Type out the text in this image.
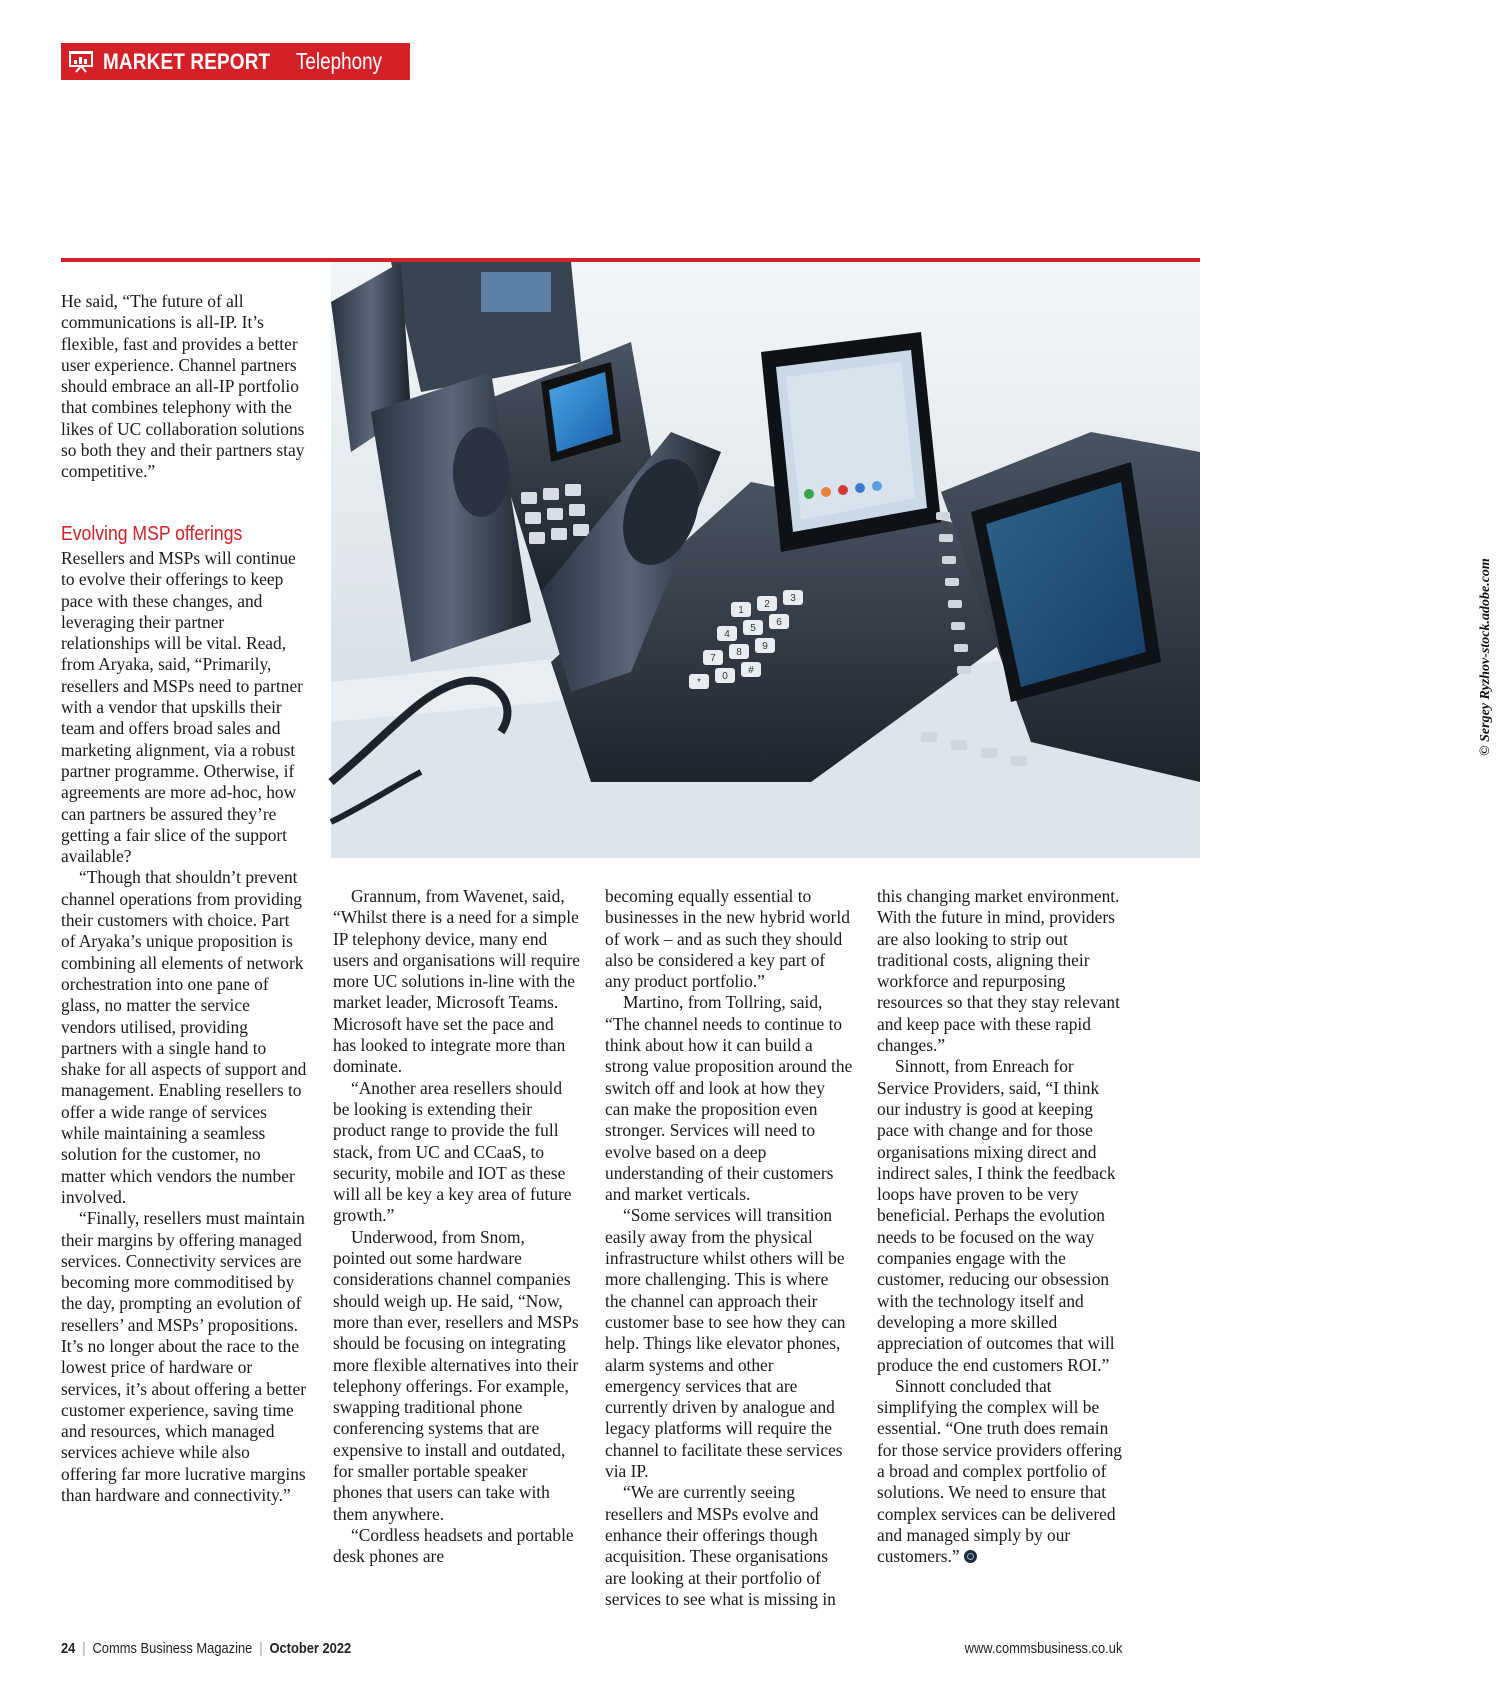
MARKET REPORT Telephony
1
2
3
4
5
6
7
8
9
*
0
#	© Sergey Ryzhov-stock.adobe.com

He said, “The future of all communications is all-IP. It’s flexible, fast and provides a better user experience. Channel partners should embrace an all-IP portfolio that combines telephony with the likes of UC collaboration solutions so both they and their partners stay competitive.”

Evolving MSP offerings

Resellers and MSPs will continue to evolve their offerings to keep pace with these changes, and leveraging their partner relationships will be vital. Read, from Aryaka, said, “Primarily, resellers and MSPs need to partner with a vendor that upskills their team and offers broad sales and marketing alignment, via a robust partner programme. Otherwise, if agreements are more ad-hoc, how can partners be assured they’re getting a fair slice of the support available?

“Though that shouldn’t prevent channel operations from providing their customers with choice. Part of Aryaka’s unique proposition is combining all elements of network orchestration into one pane of glass, no matter the service vendors utilised, providing partners with a single hand to shake for all aspects of support and management. Enabling resellers to offer a wide range of services while maintaining a seamless solution for the customer, no matter which vendors the number involved.

“Finally, resellers must maintain their margins by offering managed services. Connectivity services are becoming more commoditised by the day, prompting an evolution of resellers’ and MSPs’ propositions. It’s no longer about the race to the lowest price of hardware or services, it’s about offering a better customer experience, saving time and resources, which managed services achieve while also offering far more lucrative margins than hardware and connectivity.”

Grannum, from Wavenet, said, “Whilst there is a need for a simple IP telephony device, many end users and organisations will require more UC solutions in-line with the market leader, Microsoft Teams. Microsoft have set the pace and has looked to integrate more than dominate.

“Another area resellers should be looking is extending their product range to provide the full stack, from UC and CCaaS, to security, mobile and IOT as these will all be key a key area of future growth.”

Underwood, from Snom, pointed out some hardware considerations channel companies should weigh up. He said, “Now, more than ever, resellers and MSPs should be focusing on integrating more flexible alternatives into their telephony offerings. For example, swapping traditional phone conferencing systems that are expensive to install and outdated, for smaller portable speaker phones that users can take with them anywhere.

“Cordless headsets and portable desk phones are

becoming equally essential to businesses in the new hybrid world of work – and as such they should also be considered a key part of any product portfolio.”

Martino, from Tollring, said, “The channel needs to continue to think about how it can build a strong value proposition around the switch off and look at how they can make the proposition even stronger. Services will need to evolve based on a deep understanding of their customers and market verticals.

“Some services will transition easily away from the physical infrastructure whilst others will be more challenging. This is where the channel can approach their customer base to see how they can help. Things like elevator phones, alarm systems and other emergency services that are currently driven by analogue and legacy platforms will require the channel to facilitate these services via IP.

“We are currently seeing resellers and MSPs evolve and enhance their offerings though acquisition. These organisations are looking at their portfolio of services to see what is missing in

this changing market environment. With the future in mind, providers are also looking to strip out traditional costs, aligning their workforce and repurposing resources so that they stay relevant and keep pace with these rapid changes.”

Sinnott, from Enreach for Service Providers, said, “I think our industry is good at keeping pace with change and for those organisations mixing direct and indirect sales, I think the feedback loops have proven to be very beneficial. Perhaps the evolution needs to be focused on the way companies engage with the customer, reducing our obsession with the technology itself and developing a more skilled appreciation of outcomes that will produce the end customers ROI.”

Sinnott concluded that simplifying the complex will be essential. “One truth does remain for those service providers offering a broad and complex portfolio of solutions. We need to ensure that complex services can be delivered and managed simply by our customers.”

24 | Comms Business Magazine | October 2022	www.commsbusiness.co.uk
